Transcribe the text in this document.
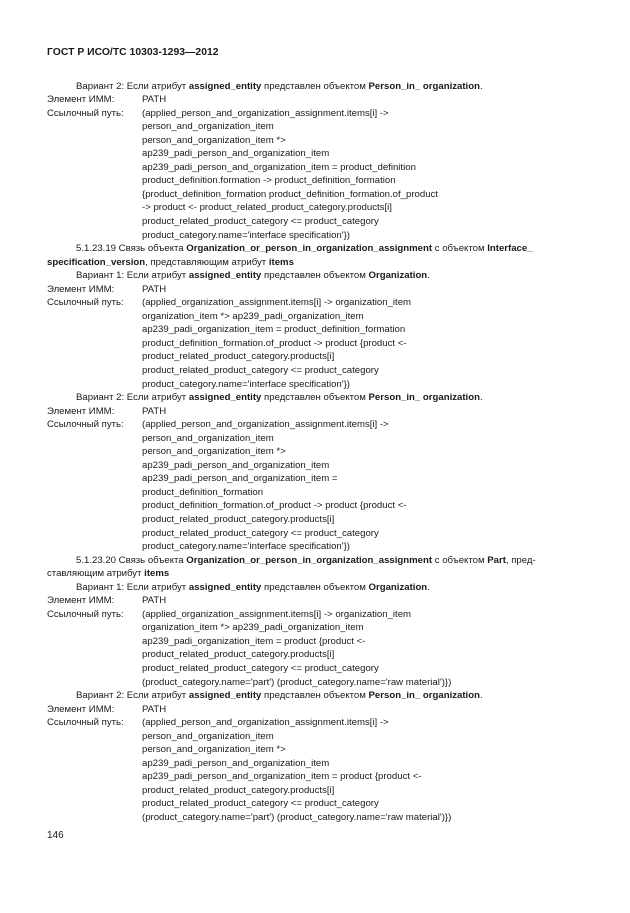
ГОСТ Р ИСО/ТС 10303-1293—2012
Вариант 2: Если атрибут assigned_entity представлен объектом Person_in_ organization.
Элемент ИММ:	PATH
Ссылочный путь: (applied_person_and_organization_assignment.items[i] ->
person_and_organization_item
person_and_organization_item *>
ap239_padi_person_and_organization_item
ap239_padi_person_and_organization_item = product_definition
product_definition.formation -> product_definition_formation
{product_definition_formation product_definition_formation.of_product
-> product <- product_related_product_category.products[i]
product_related_product_category <= product_category
product_category.name='interface specification'})
5.1.23.19 Связь объекта Organization_or_person_in_organization_assignment с объектом Interface_
specification_version, представляющим атрибут items
Вариант 1: Если атрибут assigned_entity представлен объектом Organization.
Элемент ИММ:	PATH
Ссылочный путь: (applied_organization_assignment.items[i] -> organization_item
organization_item *> ap239_padi_organization_item
ap239_padi_organization_item = product_definition_formation
product_definition_formation.of_product -> product {product <-
product_related_product_category.products[i]
product_related_product_category <= product_category
product_category.name='interface specification'})
Вариант 2: Если атрибут assigned_entity представлен объектом Person_in_ organization.
Элемент ИММ:	PATH
Ссылочный путь: (applied_person_and_organization_assignment.items[i] ->
person_and_organization_item
person_and_organization_item *>
ap239_padi_person_and_organization_item
ap239_padi_person_and_organization_item =
product_definition_formation
product_definition_formation.of_product -> product {product <-
product_related_product_category.products[i]
product_related_product_category <= product_category
product_category.name='interface specification'})
5.1.23.20 Связь объекта Organization_or_person_in_organization_assignment с объектом Part, пред-
ставляющим атрибут items
Вариант 1: Если атрибут assigned_entity представлен объектом Organization.
Элемент ИММ:	PATH
Ссылочный путь: (applied_organization_assignment.items[i] -> organization_item
organization_item *> ap239_padi_organization_item
ap239_padi_organization_item = product {product <-
product_related_product_category.products[i]
product_related_product_category <= product_category
(product_category.name='part') (product_category.name='raw material')})
Вариант 2: Если атрибут assigned_entity представлен объектом Person_in_ organization.
Элемент ИММ:	PATH
Ссылочный путь: (applied_person_and_organization_assignment.items[i] ->
person_and_organization_item
person_and_organization_item *>
ap239_padi_person_and_organization_item
ap239_padi_person_and_organization_item = product {product <-
product_related_product_category.products[i]
product_related_product_category <= product_category
(product_category.name='part') (product_category.name='raw material')})
146
